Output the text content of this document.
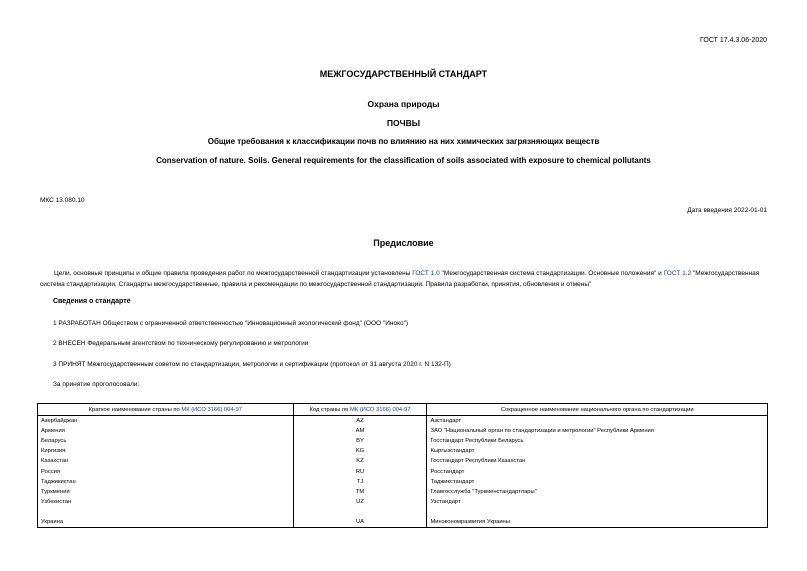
ГОСТ 17.4.3.06-2020
МЕЖГОСУДАРСТВЕННЫЙ СТАНДАРТ
Охрана природы
ПОЧВЫ
Общие требования к классификации почв по влиянию на них химических загрязняющих веществ
Conservation of nature. Soils. General requirements for the classification of soils associated with exposure to chemical pollutants
МКС 13.080.10
Дата введения 2022-01-01
Предисловие
Цели, основные принципы и общие правила проведения работ по межгосударственной стандартизации установлены ГОСТ 1.0 "Межгосударственная система стандартизации. Основные положения" и ГОСТ 1.2 "Межгосударственная система стандартизации. Стандарты межгосударственные, правила и рекомендации по межгосударственной стандартизации. Правила разработки, принятия, обновления и отмены"
Сведения о стандарте
1 РАЗРАБОТАН Обществом с ограниченной ответственностью "Инновационный экологический фонд" (ООО "Иноко")
2 ВНЕСЕН Федеральным агентством по техническому регулированию и метрологии
3 ПРИНЯТ Межгосударственным советом по стандартизации, метрологии и сертификации (протокол от 31 августа 2020 г. N 132-П)
За принятие проголосовали:
Краткое наименование страны по МК (ИСО 3166) 004-97	Код страны по МК (ИСО 3166) 004-97	Сокращенное наименование национального органа по стандартизации
Азербайджан	AZ	Азстандарт
Армения	AM	ЗАО "Национальный орган по стандартизации и метрологии" Республики Армения
Беларусь	BY	Госстандарт Республики Беларусь
Киргизия	KG	Кыргызстандарт
Казахстан	KZ	Госстандарт Республики Казахстан
Россия	RU	Росстандарт
Таджикистан	TJ	Таджикстандарт
Туркмения	TM	Главгосслужба "Туркменстандартлары"
Узбекистан	UZ	Узстандарт

Украина	UA	Минэкономразвития Украины
